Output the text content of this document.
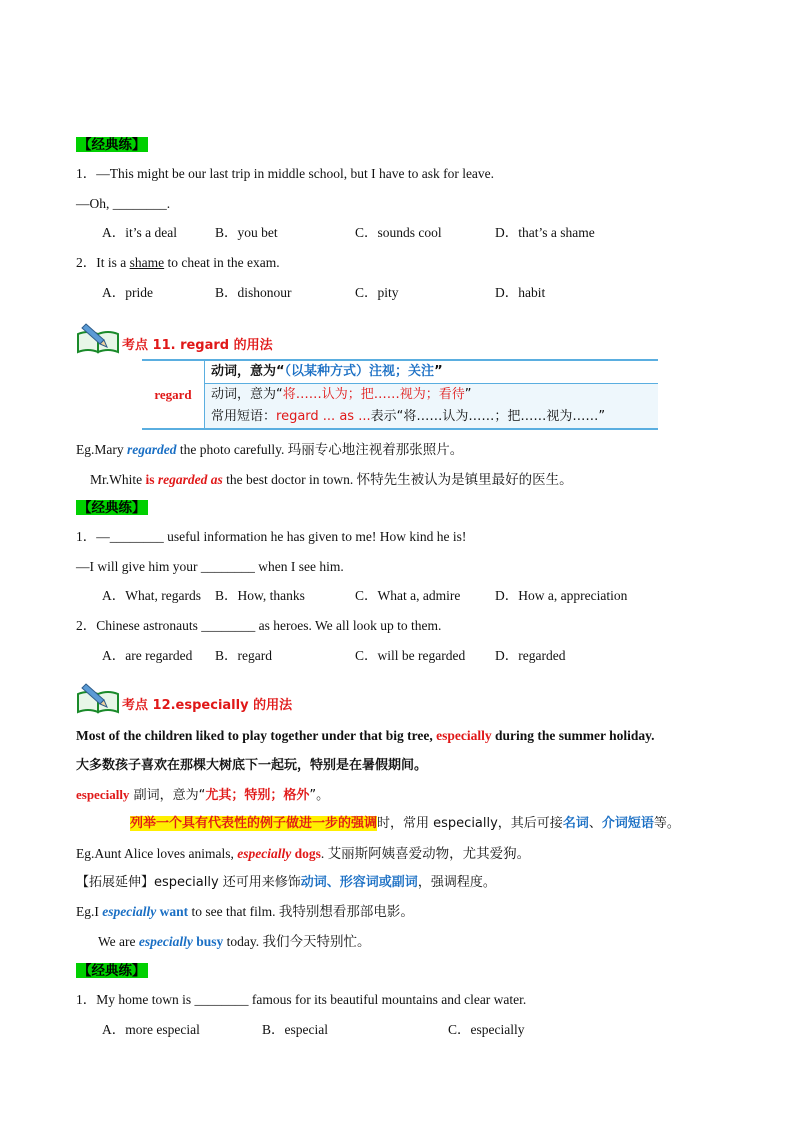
【经典练】
1．—This might be our last trip in middle school, but I have to ask for leave.
—Oh, ________.
A．it’s a deal	B．you bet	C．sounds cool	D．that’s a shame
2．It is a shame to cheat in the exam.
A．pride	B．dishonour	C．pity	D．habit
考点 11. regard 的用法
regard	动词，意为“（以某种方式）注视；关注”
动词，意为“将……认为；把……视为；看待”
常用短语：regard ... as ...表示“将……认为……；把……视为……”
Eg.Mary regarded the photo carefully. 玛丽专心地注视着那张照片。
Mr.White is regarded as the best doctor in town. 怀特先生被认为是镇里最好的医生。
【经典练】
1．—________ useful information he has given to me! How kind he is!
—I will give him your ________ when I see him.
A．What, regards B．How, thanks	C．What a, admire	D．How a, appreciation
2．Chinese astronauts ________ as heroes. We all look up to them.
A．are regarded B．regard	C．will be regarded D．regarded
考点 12.especially 的用法
Most of the children liked to play together under that big tree, especially during the summer holiday.
大多数孩子喜欢在那棵大树底下一起玩，特别是在暑假期间。
especially 副词，意为“尤其；特别；格外”。
列举一个具有代表性的例子做进一步的强调时，常用 especially，其后可接名词、介词短语等。
Eg.Aunt Alice loves animals, especially dogs. 艾丽斯阿姨喜爱动物，尤其爱狗。
【拓展延伸】especially 还可用来修饰动词、形容词或副词，强调程度。
Eg.I especially want to see that film. 我特别想看那部电影。
We are especially busy today. 我们今天特别忙。
【经典练】
1．My home town is ________ famous for its beautiful mountains and clear water.
A．more especial	B．especial	C．especially
